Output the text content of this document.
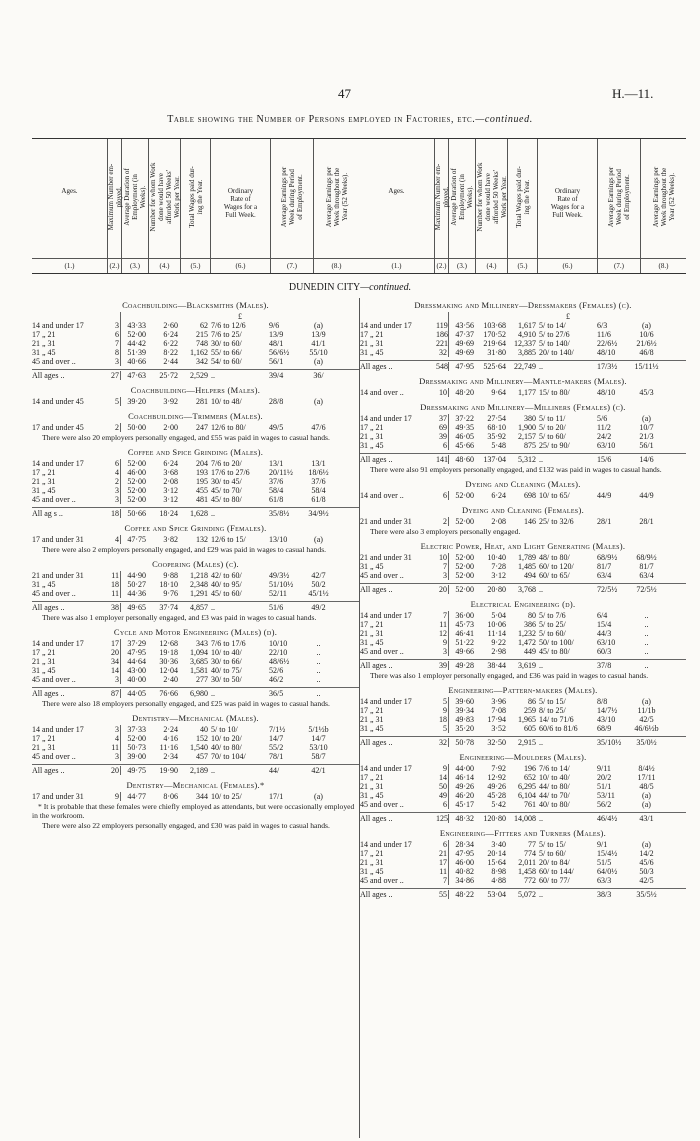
47	H.—11.
Table showing the Number of Persons employed in Factories, etc.—continued.
Ages.
(1.)
Maximum Number em-
ployed.
(2.)
Average Duration of
Employment (in
Weeks).
(3.)
Number for whom Work
done would have
afforded 50 Weeks'
Work per Year.
(4.)
Total Wages paid dur-
ing the Year.
(5.)
Ordinary
Rate of
Wages for a
Full Week.
(6.)
Average Earnings per
Week during Period
of Employment.
(7.)
Average Earnings per
Week throughout the
Year (52 Weeks).
(8.)
Ages.
(1.)
Maximum Number em-
ployed.
(2.)
Average Duration of
Employment (in
Weeks).
(3.)
Number for whom Work
done would have
afforded 50 Weeks'
Work per Year.
(4.)
Total Wages paid dur-
ing the Year.
(5.)
Ordinary
Rate of
Wages for a
Full Week.
(6.)
Average Earnings per
Week during Period
of Employment.
(7.)
Average Earnings per
Week throughout the
Year (52 Weeks).
(8.)
DUNEDIN CITY—continued.
Coachbuilding—Blacksmiths (Males).
£
14 and under 17	3	43·33	2·60	62 7/6 to 12/6	9/6	(a)
17 „ 21	6	52·00	6·24	215 7/6 to 25/	13/9	13/9
21 „ 31	7	44·42	6·22	748 30/ to 60/	48/1	41/1
31 „ 45	8	51·39	8·22	1,162 55/ to 66/	56/6½	55/10
45 and over ..	3	40·66	2·44	342 54/ to 60/	56/1	(a)
All ages ..	27	47·63	25·72	2,529 ..	39/4	36/
Coachbuilding—Helpers (Males).
14 and under 45	5	39·20	3·92	281 10/ to 48/	28/8	(a)
Coachbuilding—Trimmers (Males).
17 and under 45	2	50·00	2·00	247 12/6 to 80/	49/5	47/6
There were also 20 employers personally engaged, and £55 was paid in wages to casual hands.
Coffee and Spice Grinding (Males).
14 and under 17	6	52·00	6·24	204 7/6 to 20/	13/1	13/1
17 „ 21	4	46·00	3·68	193 17/6 to 27/6	20/11½	18/6½
21 „ 31	2	52·00	2·08	195 30/ to 45/	37/6	37/6
31 „ 45	3	52·00	3·12	455 45/ to 70/	58/4	58/4
45 and over ..	3	52·00	3·12	481 45/ to 80/	61/8	61/8
All ag s ..	18	50·66	18·24	1,628 ..	35/8½	34/9½
Coffee and Spice Grinding (Females).
17 and under 31	4	47·75	3·82	132 12/6 to 15/	13/10	(a)
There were also 2 employers personally engaged, and £29 was paid in wages to casual hands.
Coopering (Males) (c).
21 and under 31	11	44·90	9·88	1,218 42/ to 60/	49/3½	42/7
31 „ 45	18	50·27	18·10	2,348 40/ to 95/	51/10½	50/2
45 and over ..	11	44·36	9·76	1,291 45/ to 60/	52/11	45/1½
All ages ..	38	49·65	37·74	4,857 ..	51/6	49/2
There was also 1 employer personally engaged, and £3 was paid in wages to casual hands.
Cycle and Motor Engineering (Males) (d).
14 and under 17	17	37·29	12·68	343 7/6 to 17/6	10/10	..
17 „ 21	20	47·95	19·18	1,094 10/ to 40/	22/10	..
21 „ 31	34	44·64	30·36	3,685 30/ to 66/	48/6½	..
31 „ 45	14	43·00	12·04	1,581 40/ to 75/	52/6	..
45 and over ..	3	40·00	2·40	277 30/ to 50/	46/2	..
All ages ..	87	44·05	76·66	6,980 ..	36/5	..
There were also 18 employers personally engaged, and £25 was paid in wages to casual hands.
Dentistry—Mechanical (Males).
14 and under 17	3	37·33	2·24	40 5/ to 10/	7/1½	5/1½b
17 „ 21	4	52·00	4·16	152 10/ to 20/	14/7	14/7
21 „ 31	11	50·73	11·16	1,540 40/ to 80/	55/2	53/10
45 and over ..	3	39·00	2·34	457 70/ to 104/	78/1	58/7
All ages ..	20	49·75	19·90	2,189 ..	44/	42/1
Dentistry—Mechanical (Females).*
17 and under 31	9	44·77	8·06	344 10/ to 25/	17/1	(a)
* It is probable that these females were chiefly employed as attendants, but were occasionally employed in the workroom.
There were also 22 employers personally engaged, and £30 was paid in wages to casual hands.
Dressmaking and Millinery—Dressmakers (Females) (c).
£
14 and under 17	119 43·56	103·68	1,617 5/ to 14/	6/3	(a)
17 „ 21	186 47·37	170·52	4,910 5/ to 27/6	11/6	10/6
21 „ 31	221 49·69	219·64	12,337 5/ to 140/	22/6½	21/6½
31 „ 45	32	49·69	31·80	3,885 20/ to 140/	48/10	46/8
All ages ..	548 47·95	525·64	22,749 ..	17/3½	15/11½
Dressmaking and Millinery—Mantle-makers (Males).
14 and over ..	10	48·20	9·64	1,177 15/ to 80/	48/10	45/3
Dressmaking and Millinery—Milliners (Females) (c).
14 and under 17	37	37·22	27·54	380 5/ to 11/	5/6	(a)
17 „ 21	69	49·35	68·10	1,900 5/ to 20/	11/2	10/7
21 „ 31	39	46·05	35·92	2,157 5/ to 60/	24/2	21/3
31 „ 45	6	45·66	5·48	875 25/ to 90/	63/10	56/1
All ages ..	141 48·60	137·04	5,312 ..	15/6	14/6
There were also 91 employers personally engaged, and £132 was paid in wages to casual hands.
Dyeing and Cleaning (Males).
14 and over ..	6	52·00	6·24	698 10/ to 65/	44/9	44/9
Dyeing and Cleaning (Females).
21 and under 31	2	52·00	2·08	146 25/ to 32/6	28/1	28/1
There were also 3 employers personally engaged.
Electric Power, Heat, and Light Generating (Males).
21 and under 31	10	52·00	10·40	1,789 48/ to 80/	68/9½	68/9½
31 „ 45	7	52·00	7·28	1,485 60/ to 120/	81/7	81/7
45 and over ..	3	52·00	3·12	494 60/ to 65/	63/4	63/4
All ages ..	20	52·00	20·80	3,768 ..	72/5½	72/5½
Electrical Engineering (d).
14 and under 17	7	36·00	5·04	80 5/ to 7/6	6/4	..
17 „ 21	11	45·73	10·06	386 5/ to 25/	15/4	..
21 „ 31	12	46·41	11·14	1,232 5/ to 60/	44/3	..
31 „ 45	9	51·22	9·22	1,472 50/ to 100/	63/10	..
45 and over ..	3	49·66	2·98	449 45/ to 80/	60/3	..
All ages ..	39	49·28	38·44	3,619 ..	37/8	..
There was also 1 employer personally engaged, and £36 was paid in wages to casual hands.
Engineering—Pattern-makers (Males).
14 and under 17	5	39·60	3·96	86 5/ to 15/	8/8	(a)
17 „ 21	9	39·34	7·08	259 8/ to 25/	14/7½	11/1b
21 „ 31	18	49·83	17·94	1,965 14/ to 71/6	43/10	42/5
31 „ 45	5	35·20	3·52	605 60/6 to 81/6	68/9	46/6½b
All ages ..	32	50·78	32·50	2,915 ..	35/10½	35/0½
Engineering—Moulders (Males).
14 and under 17	9	44·00	7·92	196 7/6 to 14/	9/11	8/4½
17 „ 21	14	46·14	12·92	652 10/ to 40/	20/2	17/11
21 „ 31	50	49·26	49·26	6,295 44/ to 80/	51/1	48/5
31 „ 45	49	46·20	45·28	6,104 44/ to 70/	53/11	(a)
45 and over ..	6	45·17	5·42	761 40/ to 80/	56/2	(a)
All ages ..	125 48·32	120·80	14,008 ..	46/4½	43/1
Engineering—Fitters and Turners (Males).
14 and under 17	6	28·34	3·40	77 5/ to 15/	9/1	(a)
17 „ 21	21	47·95	20·14	774 5/ to 60/	15/4½	14/2
21 „ 31	17	46·00	15·64	2,011 20/ to 84/	51/5	45/6
31 „ 45	11	40·82	8·98	1,458 60/ to 144/	64/0½	50/3
45 and over ..	7	34·86	4·88	772 60/ to 77/	63/3	42/5
All ages ..	55	48·22	53·04	5,072 ..	38/3	35/5½
